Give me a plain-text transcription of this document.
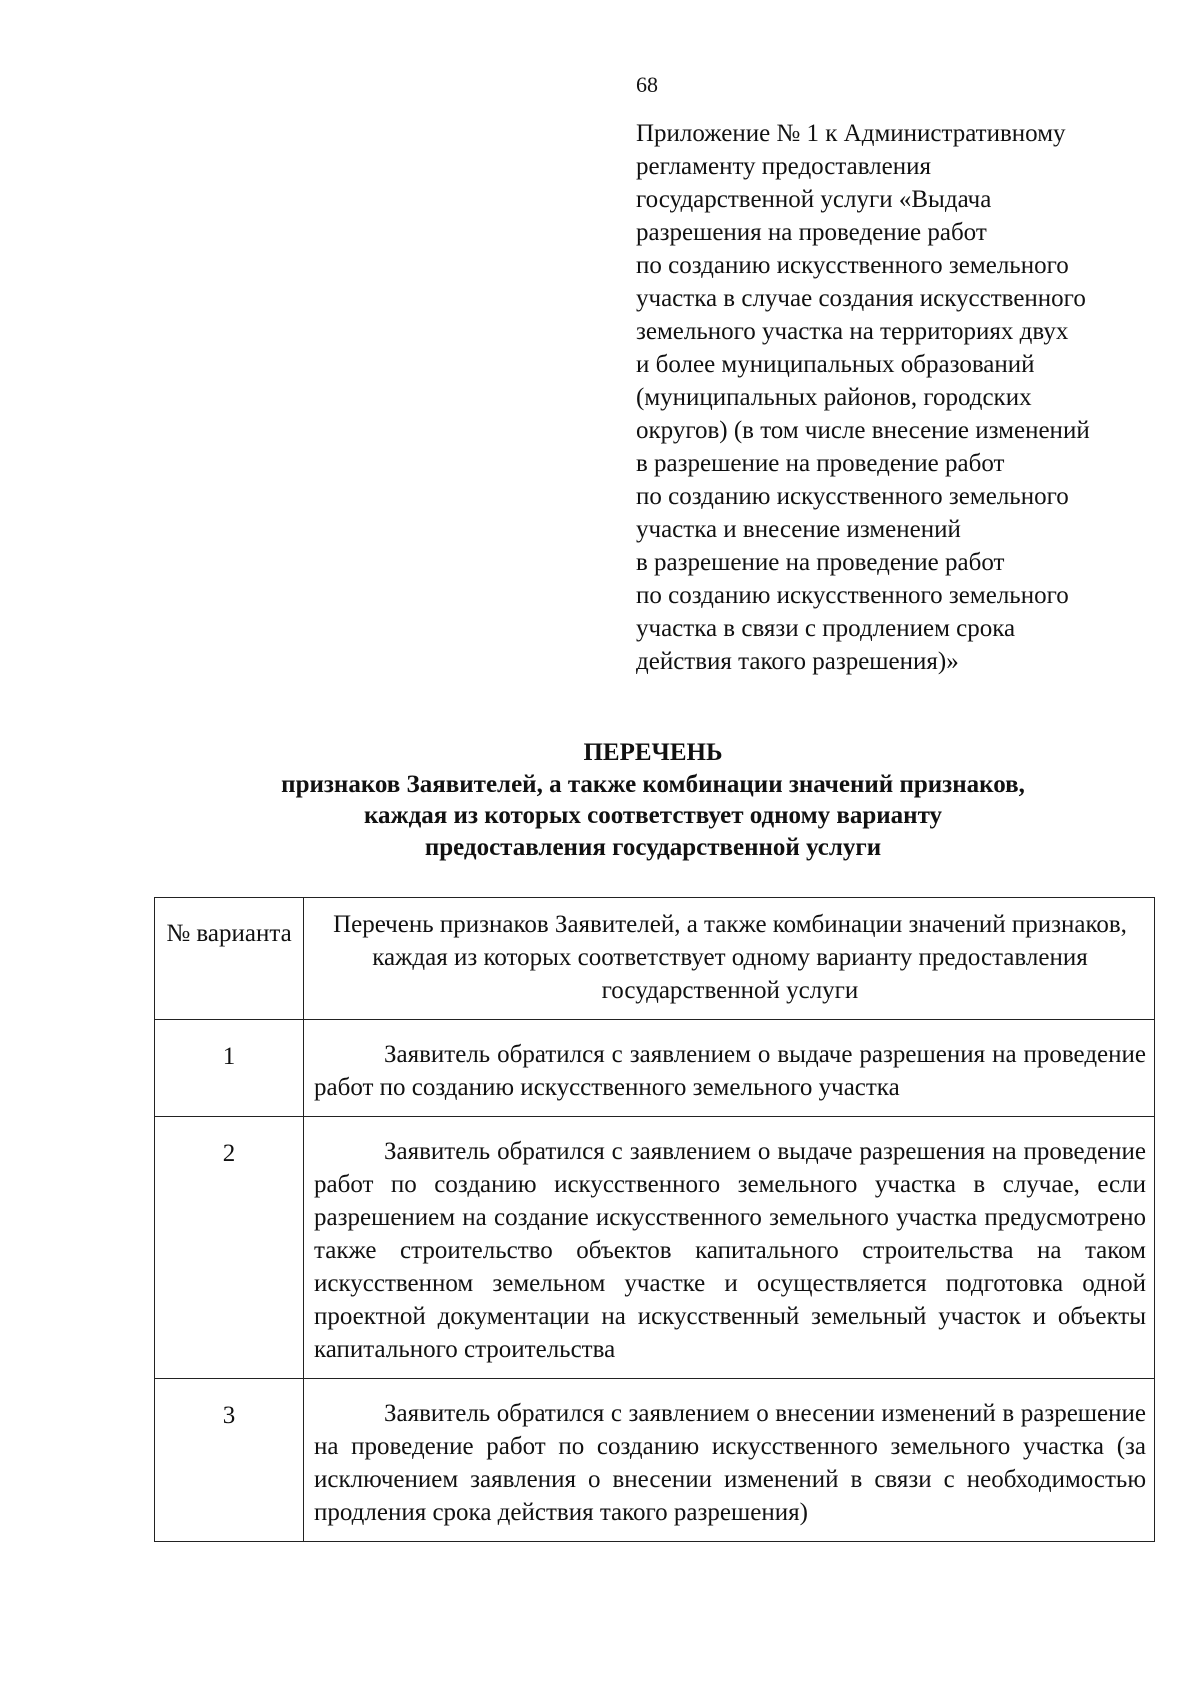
68
Приложение № 1 к Административному
регламенту предоставления
государственной услуги «Выдача
разрешения на проведение работ
по созданию искусственного земельного
участка в случае создания искусственного
земельного участка на территориях двух
и более муниципальных образований
(муниципальных районов, городских
округов) (в том числе внесение изменений
в разрешение на проведение работ
по созданию искусственного земельного
участка и внесение изменений
в разрешение на проведение работ
по созданию искусственного земельного
участка в связи с продлением срока
действия такого разрешения)»
ПЕРЕЧЕНЬ
признаков Заявителей, а также комбинации значений признаков,
каждая из которых соответствует одному варианту
предоставления государственной услуги
№ варианта	Перечень признаков Заявителей, а также комбинации значений признаков, каждая из которых соответствует одному варианту предоставления государственной услуги
1	Заявитель обратился с заявлением о выдаче разрешения на проведение работ по созданию искусственного земельного участка
2	Заявитель обратился с заявлением о выдаче разрешения на проведение работ по созданию искусственного земельного участка в случае, если разрешением на создание искусственного земельного участка предусмотрено также строительство объектов капитального строительства на таком искусственном земельном участке и осуществляется подготовка одной проектной документации на искусственный земельный участок и объекты капитального строительства
3	Заявитель обратился с заявлением о внесении изменений в разрешение на проведение работ по созданию искусственного земельного участка (за исключением заявления о внесении изменений в связи с необходимостью продления срока действия такого разрешения)
